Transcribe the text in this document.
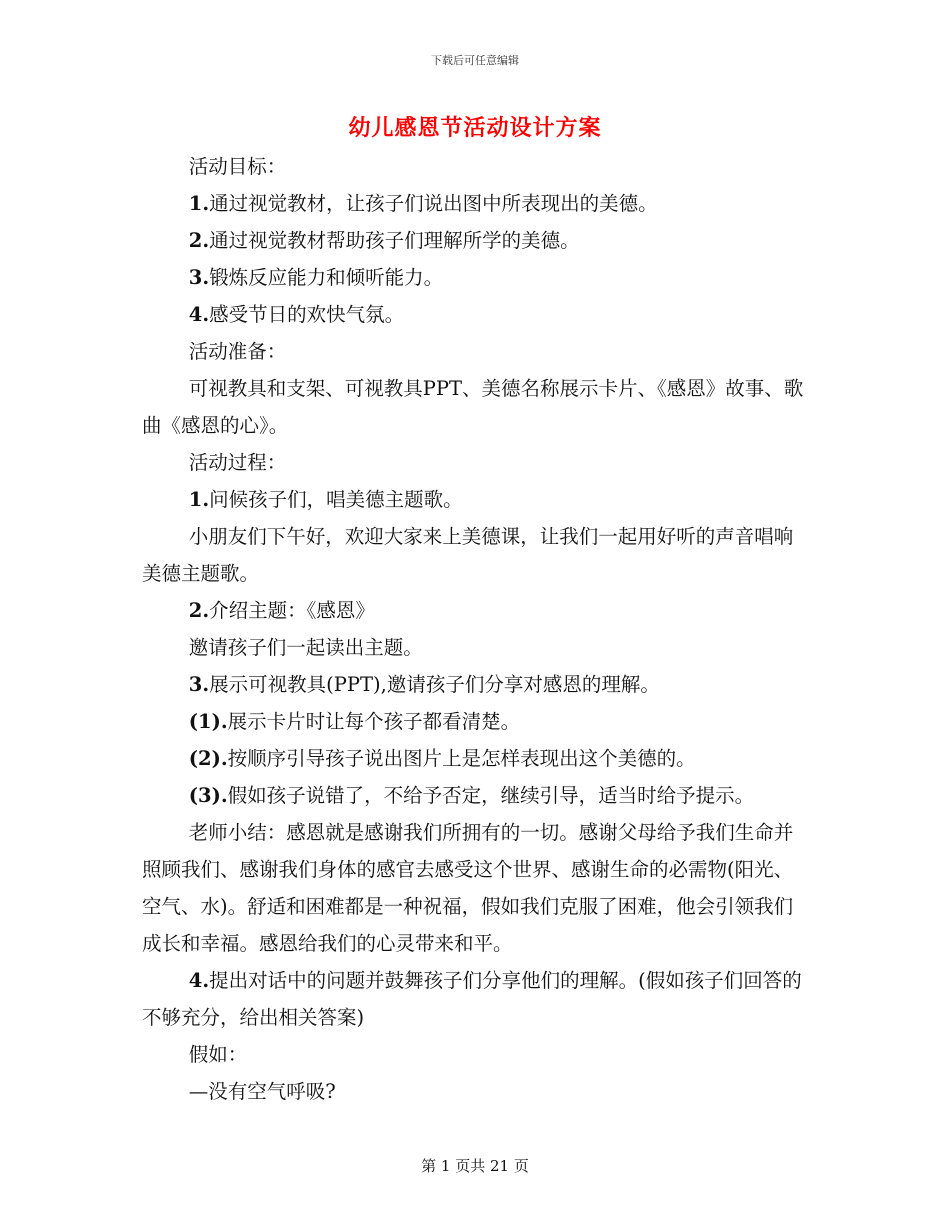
下载后可任意编辑
幼儿感恩节活动设计方案

活动目标：

1.通过视觉教材，让孩子们说出图中所表现出的美德。

2.通过视觉教材帮助孩子们理解所学的美德。

3.锻炼反应能力和倾听能力。

4.感受节日的欢快气氛。

活动准备：

可视教具和支架、可视教具PPT、美德名称展示卡片、《感恩》故事、歌曲《感恩的心》。

活动过程：

1.问候孩子们，唱美德主题歌。

小朋友们下午好，欢迎大家来上美德课，让我们一起用好听的声音唱响美德主题歌。

2.介绍主题：《感恩》

邀请孩子们一起读出主题。

3.展示可视教具(PPT),邀请孩子们分享对感恩的理解。

(1).展示卡片时让每个孩子都看清楚。

(2).按顺序引导孩子说出图片上是怎样表现出这个美德的。

(3).假如孩子说错了，不给予否定，继续引导，适当时给予提示。

老师小结：感恩就是感谢我们所拥有的一切。感谢父母给予我们生命并照顾我们、感谢我们身体的感官去感受这个世界、感谢生命的必需物(阳光、空气、水)。舒适和困难都是一种祝福，假如我们克服了困难，他会引领我们成长和幸福。感恩给我们的心灵带来和平。

4.提出对话中的问题并鼓舞孩子们分享他们的理解。(假如孩子们回答的不够充分，给出相关答案)

假如：

—没有空气呼吸?

第 1 页共 21 页
